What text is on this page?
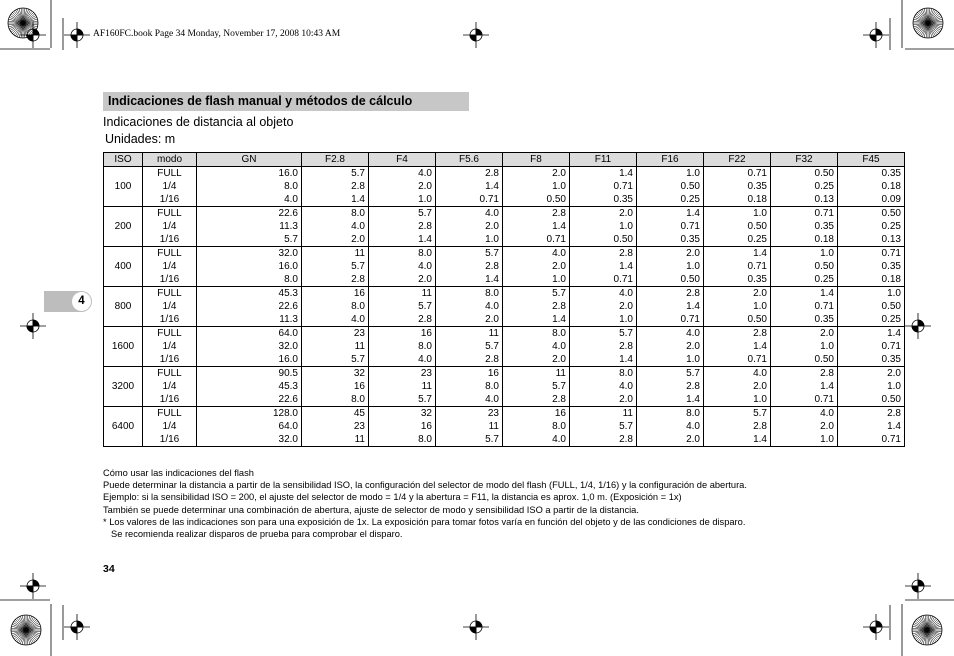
AF160FC.book Page 34 Monday, November 17, 2008 10:43 AM
Indicaciones de flash manual y métodos de cálculo
Indicaciones de distancia al objeto
Unidades: m
4
ISO	modo	GN	F2.8	F4	F5.6	F8	F11	F16	F22	F32	F45
100	FULL	16.0	5.7	4.0	2.8	2.0	1.4	1.0	0.71	0.50	0.35
	1/4	8.0	2.8	2.0	1.4	1.0	0.71	0.50	0.35	0.25	0.18
	1/16	4.0	1.4	1.0	0.71	0.50	0.35	0.25	0.18	0.13	0.09
200	FULL	22.6	8.0	5.7	4.0	2.8	2.0	1.4	1.0	0.71	0.50
	1/4	11.3	4.0	2.8	2.0	1.4	1.0	0.71	0.50	0.35	0.25
	1/16	5.7	2.0	1.4	1.0	0.71	0.50	0.35	0.25	0.18	0.13
400	FULL	32.0	11	8.0	5.7	4.0	2.8	2.0	1.4	1.0	0.71
	1/4	16.0	5.7	4.0	2.8	2.0	1.4	1.0	0.71	0.50	0.35
	1/16	8.0	2.8	2.0	1.4	1.0	0.71	0.50	0.35	0.25	0.18
800	FULL	45.3	16	11	8.0	5.7	4.0	2.8	2.0	1.4	1.0
	1/4	22.6	8.0	5.7	4.0	2.8	2.0	1.4	1.0	0.71	0.50
	1/16	11.3	4.0	2.8	2.0	1.4	1.0	0.71	0.50	0.35	0.25
1600	FULL	64.0	23	16	11	8.0	5.7	4.0	2.8	2.0	1.4
	1/4	32.0	11	8.0	5.7	4.0	2.8	2.0	1.4	1.0	0.71
	1/16	16.0	5.7	4.0	2.8	2.0	1.4	1.0	0.71	0.50	0.35
3200	FULL	90.5	32	23	16	11	8.0	5.7	4.0	2.8	2.0
	1/4	45.3	16	11	8.0	5.7	4.0	2.8	2.0	1.4	1.0
	1/16	22.6	8.0	5.7	4.0	2.8	2.0	1.4	1.0	0.71	0.50
6400	FULL	128.0	45	32	23	16	11	8.0	5.7	4.0	2.8
	1/4	64.0	23	16	11	8.0	5.7	4.0	2.8	2.0	1.4
	1/16	32.0	11	8.0	5.7	4.0	2.8	2.0	1.4	1.0	0.71

Cómo usar las indicaciones del flash

Puede determinar la distancia a partir de la sensibilidad ISO, la configuración del selector de modo del flash (FULL, 1/4, 1/16) y la configuración de abertura.

Ejemplo: si la sensibilidad ISO = 200, el ajuste del selector de modo = 1/4 y la abertura = F11, la distancia es aprox. 1,0 m. (Exposición = 1x)

También se puede determinar una combinación de abertura, ajuste de selector de modo y sensibilidad ISO a partir de la distancia.

* Los valores de las indicaciones son para una exposición de 1x. La exposición para tomar fotos varía en función del objeto y de las condiciones de disparo.

Se recomienda realizar disparos de prueba para comprobar el disparo.

34
